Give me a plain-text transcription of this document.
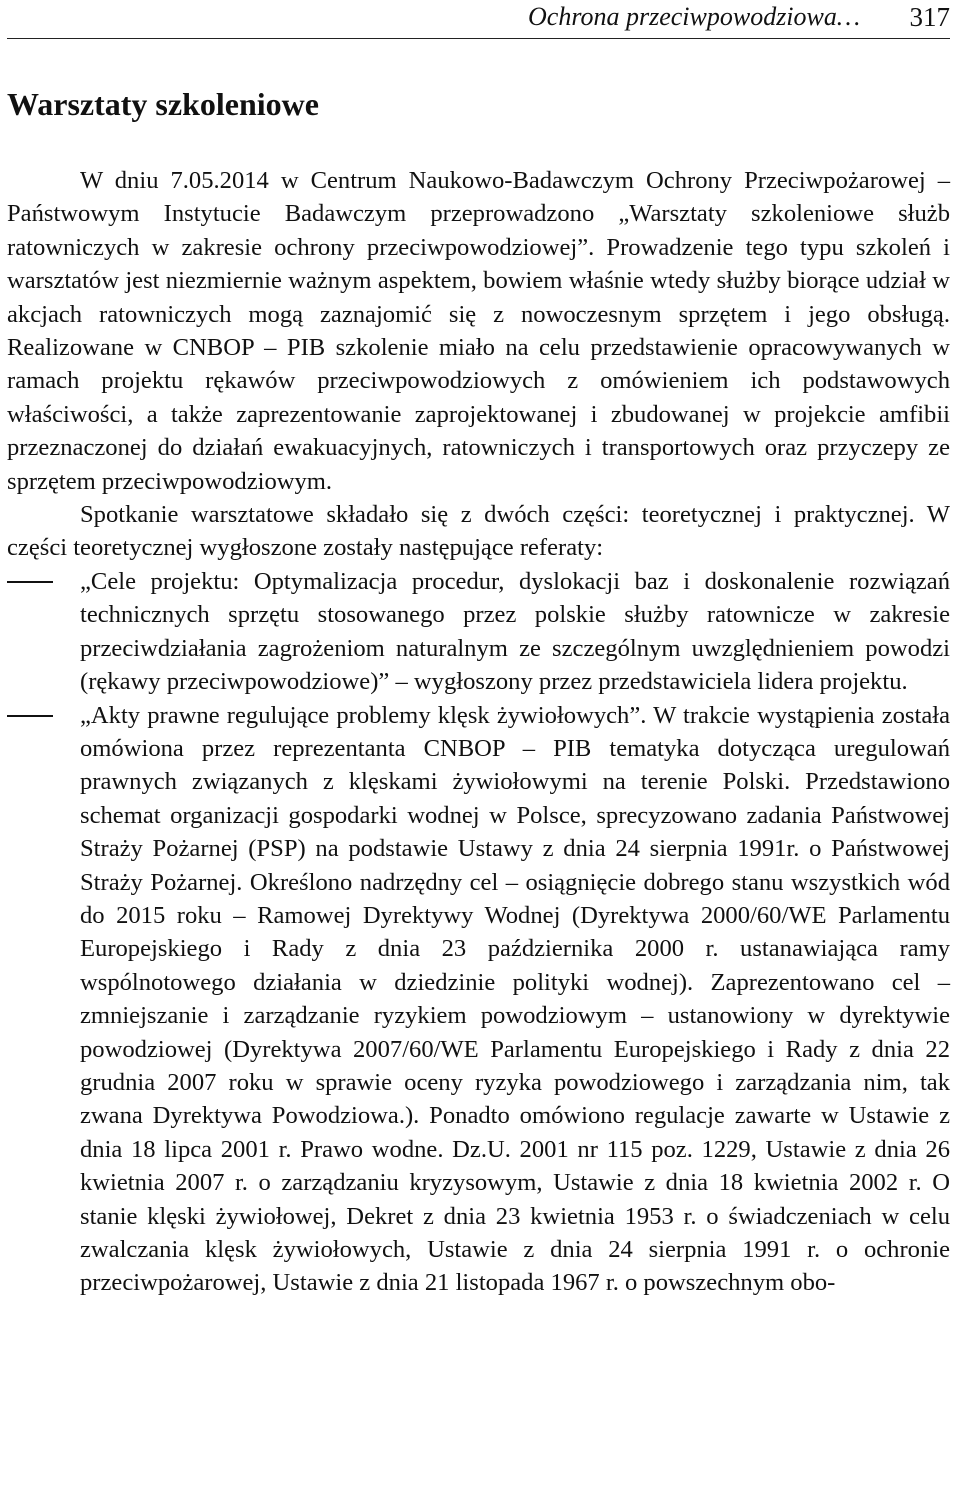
Ochrona przeciwpowodziowa… 317
Warsztaty szkoleniowe

W dniu 7.05.2014 w Centrum Naukowo-Badawczym Ochrony Przeciwpożarowej – Państwowym Instytucie Badawczym przeprowadzono „Warsztaty szkoleniowe służb ratowniczych w zakresie ochrony przeciwpowodziowej”. Prowadzenie tego typu szkoleń i warsztatów jest niezmiernie ważnym aspektem, bowiem właśnie wtedy służby biorące udział w akcjach ratowniczych mogą zaznajomić się z nowoczesnym sprzętem i jego obsługą. Realizowane w CNBOP – PIB szkolenie miało na celu przedstawienie opracowywanych w ramach projektu rękawów przeciwpowodziowych z omówieniem ich podstawowych właściwości, a także zaprezentowanie zaprojektowanej i zbudowanej w projekcie amfibii przeznaczonej do działań ewakuacyjnych, ratowniczych i transportowych oraz przyczepy ze sprzętem przeciwpowodziowym.

Spotkanie warsztatowe składało się z dwóch części: teoretycznej i praktycznej. W części teoretycznej wygłoszone zostały następujące referaty:

„Cele projektu: Optymalizacja procedur, dyslokacji baz i doskonalenie rozwiązań technicznych sprzętu stosowanego przez polskie służby ratownicze w zakresie przeciwdziałania zagrożeniom naturalnym ze szczególnym uwzględnieniem powodzi (rękawy przeciwpowodziowe)” – wygłoszony przez przedstawiciela lidera projektu.
„Akty prawne regulujące problemy klęsk żywiołowych”. W trakcie wystąpienia została omówiona przez reprezentanta CNBOP – PIB tematyka dotycząca uregulowań prawnych związanych z klęskami żywiołowymi na terenie Polski. Przedstawiono schemat organizacji gospodarki wodnej w Polsce, sprecyzowano zadania Państwowej Straży Pożarnej (PSP) na podstawie Ustawy z dnia 24 sierpnia 1991r. o Państwowej Straży Pożarnej. Określono nadrzędny cel – osiągnięcie dobrego stanu wszystkich wód do 2015 roku – Ramowej Dyrektywy Wodnej (Dyrektywa 2000/60/WE Parlamentu Europejskiego i Rady z dnia 23 października 2000 r. ustanawiająca ramy wspólnotowego działania w dziedzinie polityki wodnej). Zaprezentowano cel – zmniejszanie i zarządzanie ryzykiem powodziowym – ustanowiony w dyrektywie powodziowej (Dyrektywa 2007/60/WE Parlamentu Europejskiego i Rady z dnia 22 grudnia 2007 roku w sprawie oceny ryzyka powodziowego i zarządzania nim, tak zwana Dyrektywa Powodziowa.). Ponadto omówiono regulacje zawarte w Ustawie z dnia 18 lipca 2001 r. Prawo wodne. Dz.U. 2001 nr 115 poz. 1229, Ustawie z dnia 26 kwietnia 2007 r. o zarządzaniu kryzysowym, Ustawie z dnia 18 kwietnia 2002 r. O stanie klęski żywiołowej, Dekret z dnia 23 kwietnia 1953 r. o świadczeniach w celu zwalczania klęsk żywiołowych, Ustawie z dnia 24 sierpnia 1991 r. o ochronie przeciwpożarowej, Ustawie z dnia 21 listopada 1967 r. o powszechnym obo-
